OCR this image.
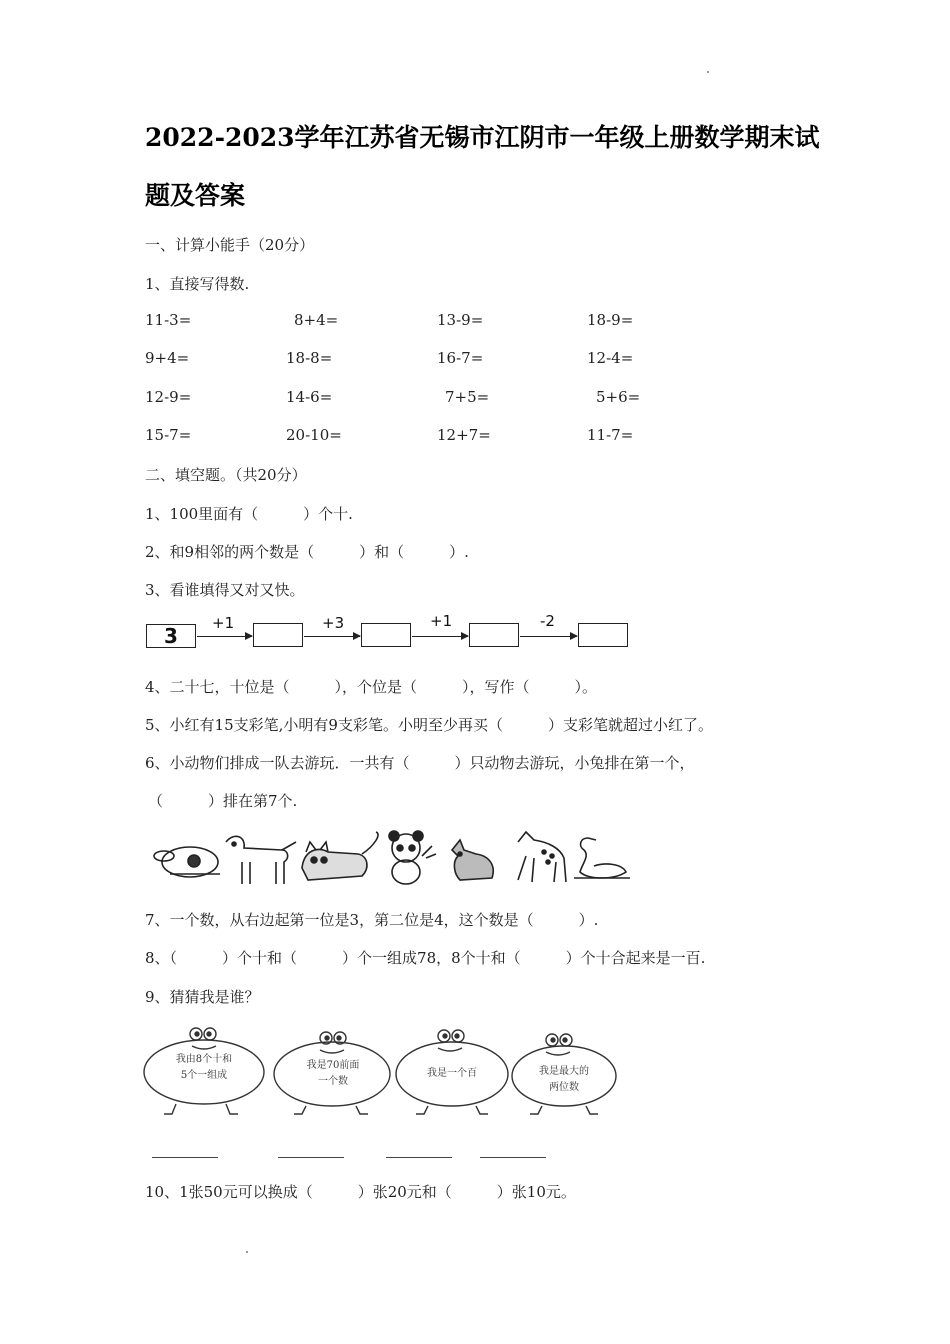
2022-2023学年江苏省无锡市江阴市一年级上册数学期末试
题及答案
一、计算小能手（20分）
1、直接写得数.
11-3=	8+4=	13-9=	18-9=
9+4=	18-8=	16-7=	12-4=
12-9=	14-6=	7+5=	5+6=
15-7=	20-10=	12+7=	11-7=
二、填空题。（共20分）
1、100里面有（　　　）个十.
2、和9相邻的两个数是（　　　）和（　　　）.
3、看谁填得又对又快。
3
+1	+3	+1	-2
4、二十七，十位是（　　　），个位是（　　　），写作（　　　）。
5、小红有15支彩笔,小明有9支彩笔。小明至少再买（　　　）支彩笔就超过小红了。
6、小动物们排成一队去游玩．一共有（　　　）只动物去游玩，小兔排在第一个，
（　　　）排在第7个.
7、一个数，从右边起第一位是3，第二位是4，这个数是（　　　）.
8、（　　　）个十和（　　　）个一组成78，8个十和（　　　）个十合起来是一百.
9、猜猜我是谁？
我由8个十和
5个一组成
我是70前面
一个数
我是一个百	我是最大的
两位数
10、1张50元可以换成（　　　）张20元和（　　　）张10元。
